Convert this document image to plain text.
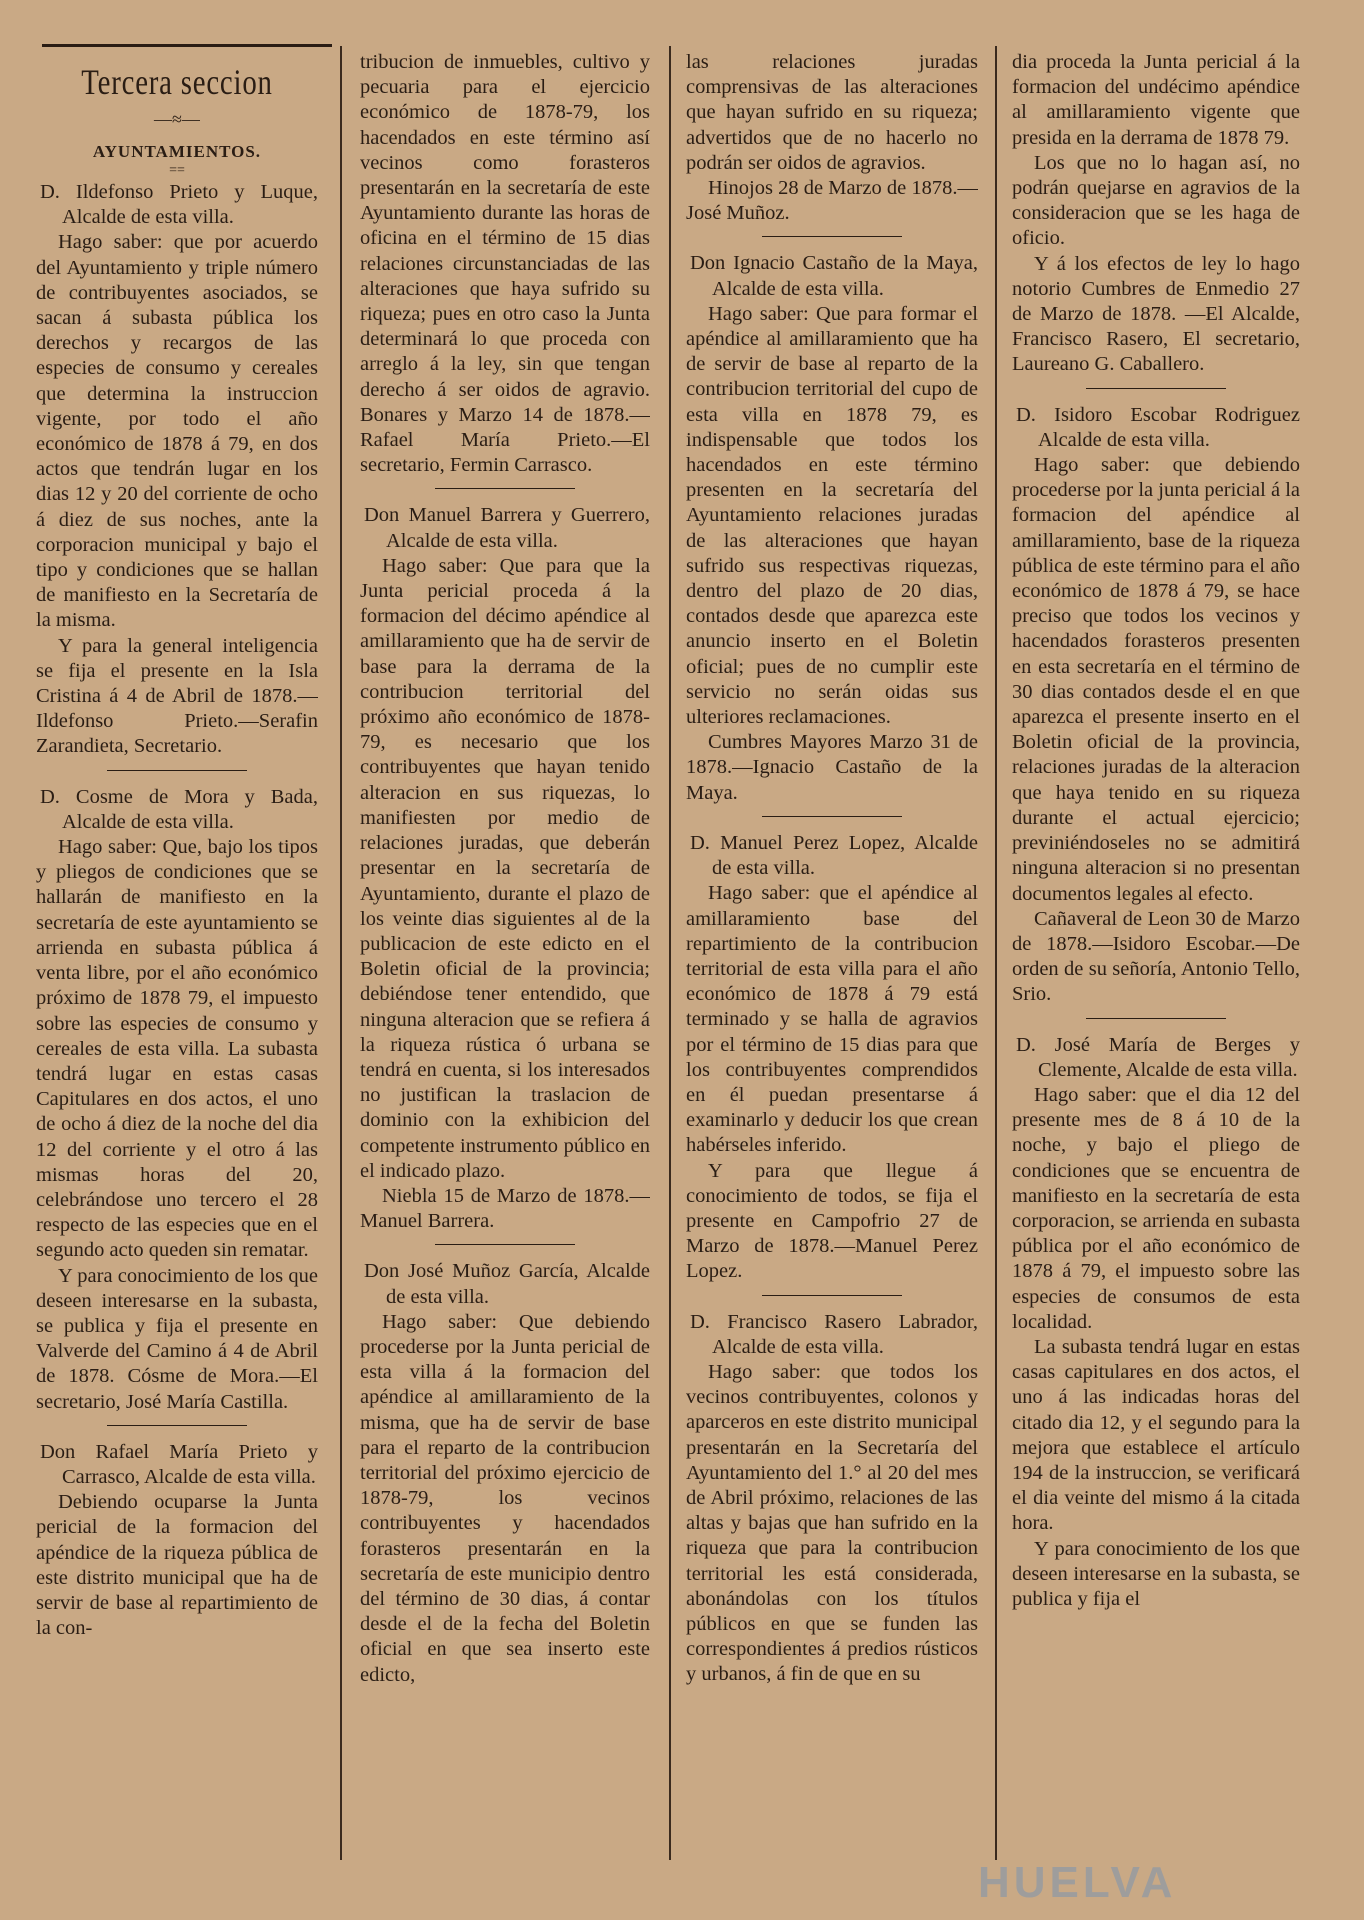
Tercera seccion
—≈—
AYUNTAMIENTOS.
==

D. Ildefonso Prieto y Luque, Alcalde de esta villa.

Hago saber: que por acuerdo del Ayuntamiento y triple número de contribuyentes asociados, se sacan á subasta pública los derechos y recargos de las especies de consumo y cereales que determina la instruccion vigente, por todo el año económico de 1878 á 79, en dos actos que tendrán lugar en los dias 12 y 20 del corriente de ocho á diez de sus noches, ante la corporacion municipal y bajo el tipo y condiciones que se hallan de manifiesto en la Secretaría de la misma.

Y para la general inteligencia se fija el presente en la Isla Cristina á 4 de Abril de 1878.—Ildefonso Prieto.—Serafin Zarandieta, Secretario.

D. Cosme de Mora y Bada, Alcalde de esta villa.

Hago saber: Que, bajo los tipos y pliegos de condiciones que se hallarán de manifiesto en la secretaría de este ayuntamiento se arrienda en subasta pública á venta libre, por el año económico próximo de 1878 79, el impuesto sobre las especies de consumo y cereales de esta villa. La subasta tendrá lugar en estas casas Capitulares en dos actos, el uno de ocho á diez de la noche del dia 12 del corriente y el otro á las mismas horas del 20, celebrándose uno tercero el 28 respecto de las especies que en el segundo acto queden sin rematar.

Y para conocimiento de los que deseen interesarse en la subasta, se publica y fija el presente en Valverde del Camino á 4 de Abril de 1878. Cósme de Mora.—El secretario, José María Castilla.

Don Rafael María Prieto y Carrasco, Alcalde de esta villa.

Debiendo ocuparse la Junta pericial de la formacion del apéndice de la riqueza pública de este distrito municipal que ha de servir de base al repartimiento de la con-

tribucion de inmuebles, cultivo y pecuaria para el ejercicio económico de 1878-79, los hacendados en este término así vecinos como forasteros presentarán en la secretaría de este Ayuntamiento durante las horas de oficina en el término de 15 dias relaciones circunstanciadas de las alteraciones que haya sufrido su riqueza; pues en otro caso la Junta determinará lo que proceda con arreglo á la ley, sin que tengan derecho á ser oidos de agravio. Bonares y Marzo 14 de 1878.—Rafael María Prieto.—El secretario, Fermin Carrasco.

Don Manuel Barrera y Guerrero, Alcalde de esta villa.

Hago saber: Que para que la Junta pericial proceda á la formacion del décimo apéndice al amillaramiento que ha de servir de base para la derrama de la contribucion territorial del próximo año económico de 1878-79, es necesario que los contribuyentes que hayan tenido alteracion en sus riquezas, lo manifiesten por medio de relaciones juradas, que deberán presentar en la secretaría de Ayuntamiento, durante el plazo de los veinte dias siguientes al de la publicacion de este edicto en el Boletin oficial de la provincia; debiéndose tener entendido, que ninguna alteracion que se refiera á la riqueza rústica ó urbana se tendrá en cuenta, si los interesados no justifican la traslacion de dominio con la exhibicion del competente instrumento público en el indicado plazo.

Niebla 15 de Marzo de 1878.—Manuel Barrera.

Don José Muñoz García, Alcalde de esta villa.

Hago saber: Que debiendo procederse por la Junta pericial de esta villa á la formacion del apéndice al amillaramiento de la misma, que ha de servir de base para el reparto de la contribucion territorial del próximo ejercicio de 1878-79, los vecinos contribuyentes y hacendados forasteros presentarán en la secretaría de este municipio dentro del término de 30 dias, á contar desde el de la fecha del Boletin oficial en que sea inserto este edicto,

las relaciones juradas comprensivas de las alteraciones que hayan sufrido en su riqueza; advertidos que de no hacerlo no podrán ser oidos de agravios.

Hinojos 28 de Marzo de 1878.—José Muñoz.

Don Ignacio Castaño de la Maya, Alcalde de esta villa.

Hago saber: Que para formar el apéndice al amillaramiento que ha de servir de base al reparto de la contribucion territorial del cupo de esta villa en 1878 79, es indispensable que todos los hacendados en este término presenten en la secretaría del Ayuntamiento relaciones juradas de las alteraciones que hayan sufrido sus respectivas riquezas, dentro del plazo de 20 dias, contados desde que aparezca este anuncio inserto en el Boletin oficial; pues de no cumplir este servicio no serán oidas sus ulteriores reclamaciones.

Cumbres Mayores Marzo 31 de 1878.—Ignacio Castaño de la Maya.

D. Manuel Perez Lopez, Alcalde de esta villa.

Hago saber: que el apéndice al amillaramiento base del repartimiento de la contribucion territorial de esta villa para el año económico de 1878 á 79 está terminado y se halla de agravios por el término de 15 dias para que los contribuyentes comprendidos en él puedan presentarse á examinarlo y deducir los que crean habérseles inferido.

Y para que llegue á conocimiento de todos, se fija el presente en Campofrio 27 de Marzo de 1878.—Manuel Perez Lopez.

D. Francisco Rasero Labrador, Alcalde de esta villa.

Hago saber: que todos los vecinos contribuyentes, colonos y aparceros en este distrito municipal presentarán en la Secretaría del Ayuntamiento del 1.° al 20 del mes de Abril próximo, relaciones de las altas y bajas que han sufrido en la riqueza que para la contribucion territorial les está considerada, abonándolas con los títulos públicos en que se funden las correspondientes á predios rústicos y urbanos, á fin de que en su

dia proceda la Junta pericial á la formacion del undécimo apéndice al amillaramiento vigente que presida en la derrama de 1878 79.

Los que no lo hagan así, no podrán quejarse en agravios de la consideracion que se les haga de oficio.

Y á los efectos de ley lo hago notorio Cumbres de Enmedio 27 de Marzo de 1878. —El Alcalde, Francisco Rasero, El secretario, Laureano G. Caballero.

D. Isidoro Escobar Rodriguez Alcalde de esta villa.

Hago saber: que debiendo procederse por la junta pericial á la formacion del apéndice al amillaramiento, base de la riqueza pública de este término para el año económico de 1878 á 79, se hace preciso que todos los vecinos y hacendados forasteros presenten en esta secretaría en el término de 30 dias contados desde el en que aparezca el presente inserto en el Boletin oficial de la provincia, relaciones juradas de la alteracion que haya tenido en su riqueza durante el actual ejercicio; previniéndoseles no se admitirá ninguna alteracion si no presentan documentos legales al efecto.

Cañaveral de Leon 30 de Marzo de 1878.—Isidoro Escobar.—De orden de su señoría, Antonio Tello, Srio.

D. José María de Berges y Clemente, Alcalde de esta villa.

Hago saber: que el dia 12 del presente mes de 8 á 10 de la noche, y bajo el pliego de condiciones que se encuentra de manifiesto en la secretaría de esta corporacion, se arrienda en subasta pública por el año económico de 1878 á 79, el impuesto sobre las especies de consumos de esta localidad.

La subasta tendrá lugar en estas casas capitulares en dos actos, el uno á las indicadas horas del citado dia 12, y el segundo para la mejora que establece el artículo 194 de la instruccion, se verificará el dia veinte del mismo á la citada hora.

Y para conocimiento de los que deseen interesarse en la subasta, se publica y fija el

HUELVA
